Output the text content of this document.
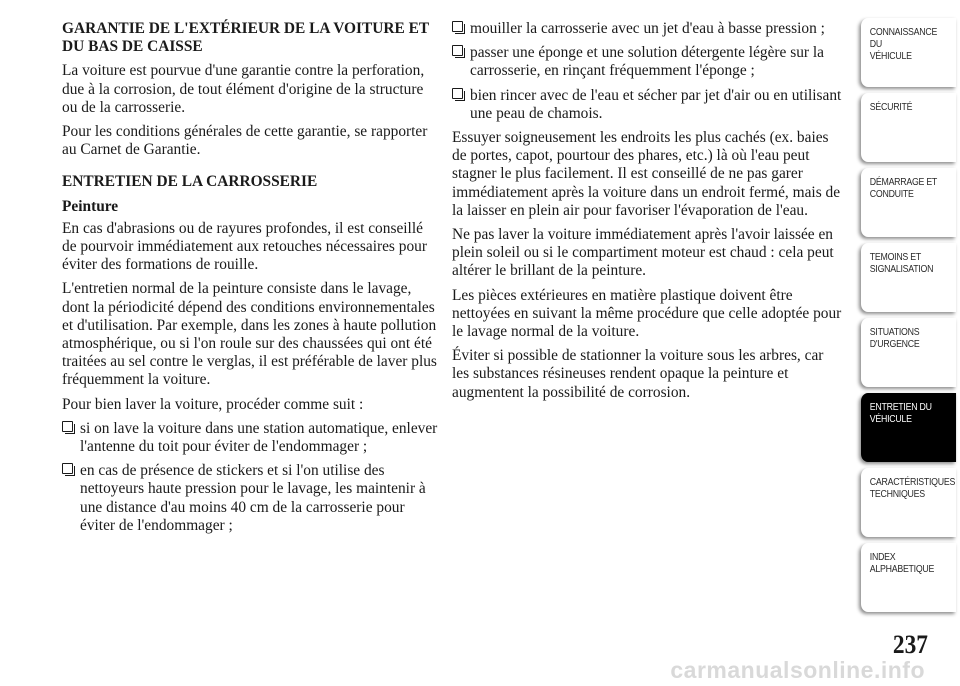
GARANTIE DE L'EXTÉRIEUR DE LA VOITURE ET DU BAS DE CAISSE

La voiture est pourvue d'une garantie contre la perforation, due à la corrosion, de tout élément d'origine de la structure ou de la carrosserie.

Pour les conditions générales de cette garantie, se rapporter au Carnet de Garantie.

ENTRETIEN DE LA CARROSSERIE
Peinture

En cas d'abrasions ou de rayures profondes, il est conseillé de pourvoir immédiatement aux retouches nécessaires pour éviter des formations de rouille.

L'entretien normal de la peinture consiste dans le lavage, dont la périodicité dépend des conditions environnementales et d'utilisation. Par exemple, dans les zones à haute pollution atmosphérique, ou si l'on roule sur des chaussées qui ont été traitées au sel contre le verglas, il est préférable de laver plus fréquemment la voiture.

Pour bien laver la voiture, procéder comme suit :

si on lave la voiture dans une station automatique, enlever l'antenne du toit pour éviter de l'endommager ;
en cas de présence de stickers et si l'on utilise des nettoyeurs haute pression pour le lavage, les maintenir à une distance d'au moins 40 cm de la carrosserie pour éviter de l'endommager ;
mouiller la carrosserie avec un jet d'eau à basse pression ;
passer une éponge et une solution détergente légère sur la carrosserie, en rinçant fréquemment l'éponge ;
bien rincer avec de l'eau et sécher par jet d'air ou en utilisant une peau de chamois.

Essuyer soigneusement les endroits les plus cachés (ex. baies de portes, capot, pourtour des phares, etc.) là où l'eau peut stagner le plus facilement. Il est conseillé de ne pas garer immédiatement après la voiture dans un endroit fermé, mais de la laisser en plein air pour favoriser l'évaporation de l'eau.

Ne pas laver la voiture immédiatement après l'avoir laissée en plein soleil ou si le compartiment moteur est chaud : cela peut altérer le brillant de la peinture.

Les pièces extérieures en matière plastique doivent être nettoyées en suivant la même procédure que celle adoptée pour le lavage normal de la voiture.

Éviter si possible de stationner la voiture sous les arbres, car les substances résineuses rendent opaque la peinture et augmentent la possibilité de corrosion.

CONNAISSANCE DU
VÉHICULE
SÉCURITÉ
DÉMARRAGE ET
CONDUITE
TEMOINS ET
SIGNALISATION
SITUATIONS
D'URGENCE
ENTRETIEN DU
VÉHICULE
CARACTÉRISTIQUES
TECHNIQUES
INDEX
ALPHABETIQUE
237
carmanualsonline.info
